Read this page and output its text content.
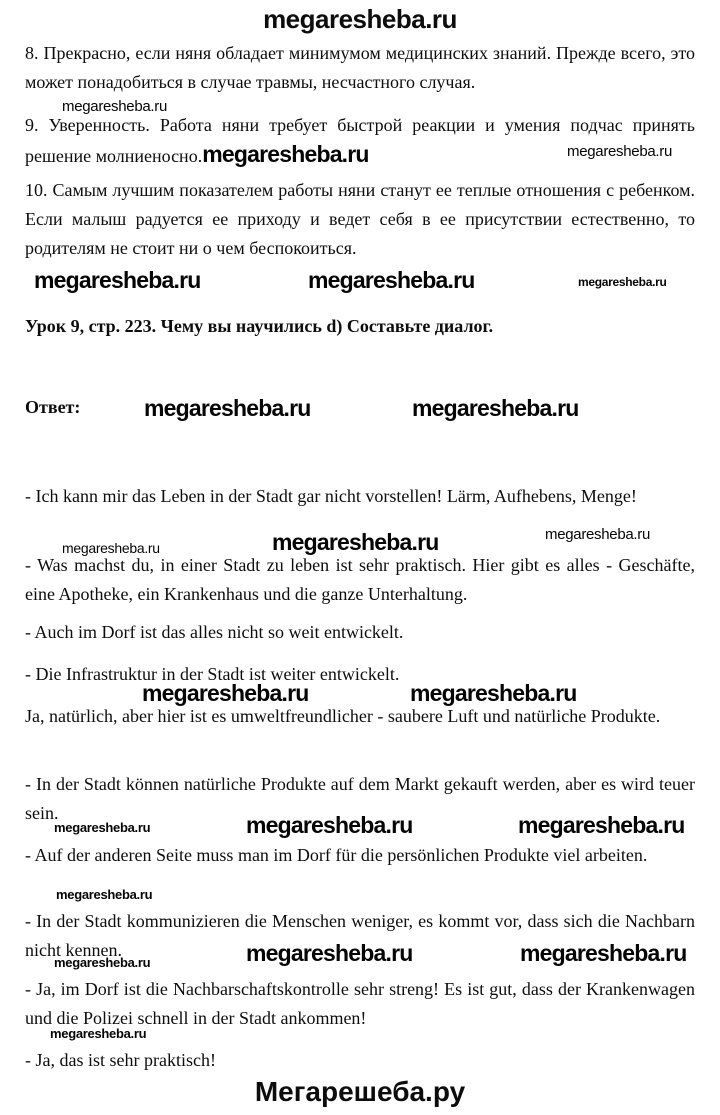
megaresheba.ru

8. Прекрасно, если няня обладает минимумом медицинских знаний. Прежде всего, это может понадобиться в случае травмы, несчастного случая.

megaresheba.ru

9. Уверенность. Работа няни требует быстрой реакции и умения подчас принять решение молниеносно.megaresheba.ru	megaresheba.ru

10. Самым лучшим показателем работы няни станут ее теплые отношения с ребенком. Если малыш радуется ее приходу и ведет себя в ее присутствии естественно, то родителям не стоит ни о чем беспокоиться.

megaresheba.ru	megaresheba.ru	megaresheba.ru
Урок 9, стр. 223. Чему вы научились d) Составьте диалог.
Ответ:	megaresheba.ru	megaresheba.ru

- Ich kann mir das Leben in der Stadt gar nicht vorstellen! Lärm, Aufhebens, Menge!

megaresheba.ru	megaresheba.ru	megaresheba.ru

- Was machst du, in einer Stadt zu leben ist sehr praktisch. Hier gibt es alles - Geschäfte, eine Apotheke, ein Krankenhaus und die ganze Unterhaltung.

- Auch im Dorf ist das alles nicht so weit entwickelt.

- Die Infrastruktur in der Stadt ist weiter entwickelt.

megaresheba.ru	megaresheba.ru

Ja, natürlich, aber hier ist es umweltfreundlicher - saubere Luft und natürliche Produkte.

- In der Stadt können natürliche Produkte auf dem Markt gekauft werden, aber es wird teuer sein.

megaresheba.ru	megaresheba.ru	megaresheba.ru

- Auf der anderen Seite muss man im Dorf für die persönlichen Produkte viel arbeiten.

megaresheba.ru

- In der Stadt kommunizieren die Menschen weniger, es kommt vor, dass sich die Nachbarn nicht kennen.	megaresheba.ru	megaresheba.ru
megaresheba.ru

- Ja, im Dorf ist die Nachbarschaftskontrolle sehr streng! Es ist gut, dass der Krankenwagen und die Polizei schnell in der Stadt ankommen!

megaresheba.ru

- Ja, das ist sehr praktisch!

Мегарешеба.ру
